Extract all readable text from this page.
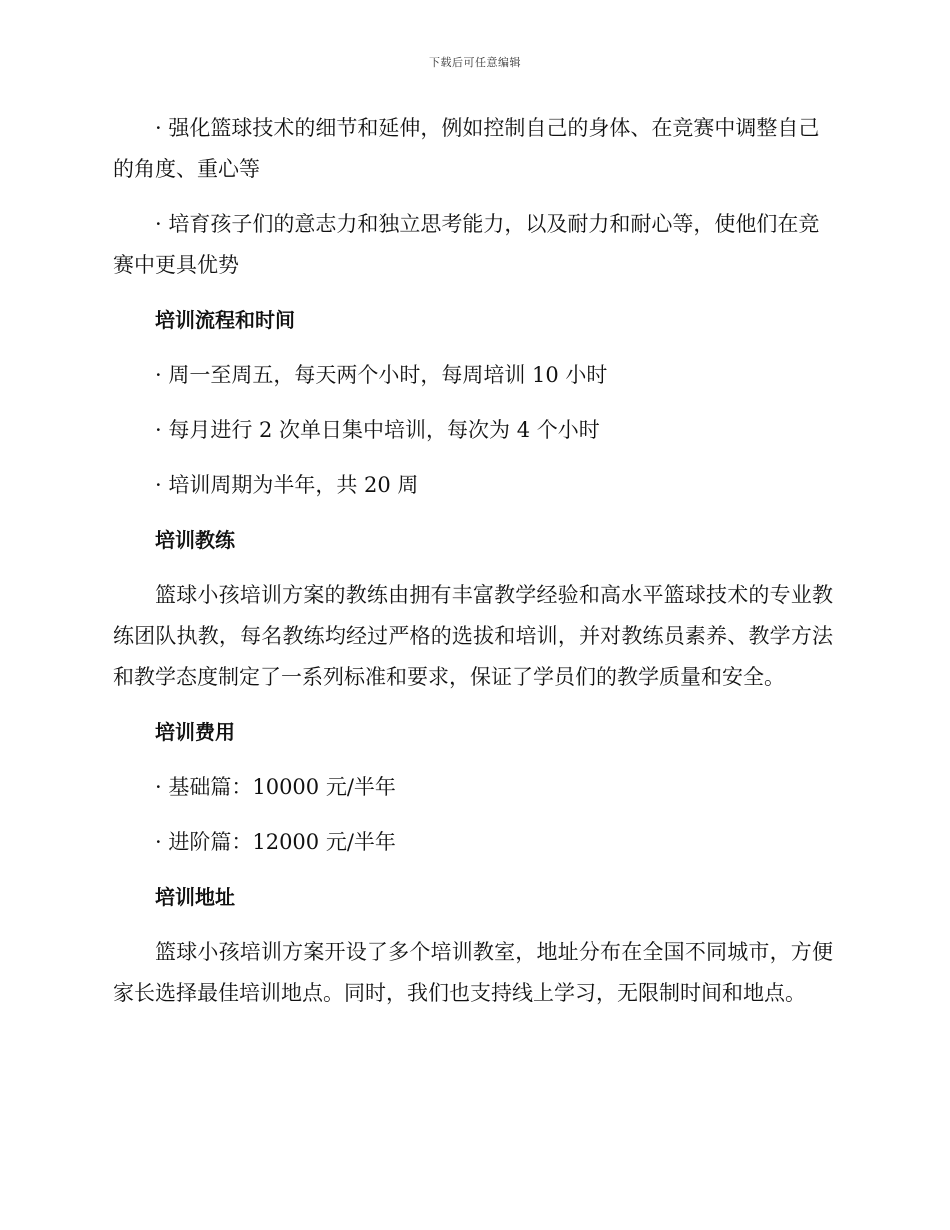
下载后可任意编辑

· 强化篮球技术的细节和延伸，例如控制自己的身体、在竞赛中调整自己的角度、重心等

· 培育孩子们的意志力和独立思考能力，以及耐力和耐心等，使他们在竞赛中更具优势

培训流程和时间

· 周一至周五，每天两个小时，每周培训 10 小时

· 每月进行 2 次单日集中培训，每次为 4 个小时

· 培训周期为半年，共 20 周

培训教练

篮球小孩培训方案的教练由拥有丰富教学经验和高水平篮球技术的专业教练团队执教，每名教练均经过严格的选拔和培训，并对教练员素养、教学方法和教学态度制定了一系列标准和要求，保证了学员们的教学质量和安全。

培训费用

· 基础篇：10000 元/半年

· 进阶篇：12000 元/半年

培训地址

篮球小孩培训方案开设了多个培训教室，地址分布在全国不同城市，方便家长选择最佳培训地点。同时，我们也支持线上学习，无限制时间和地点。
